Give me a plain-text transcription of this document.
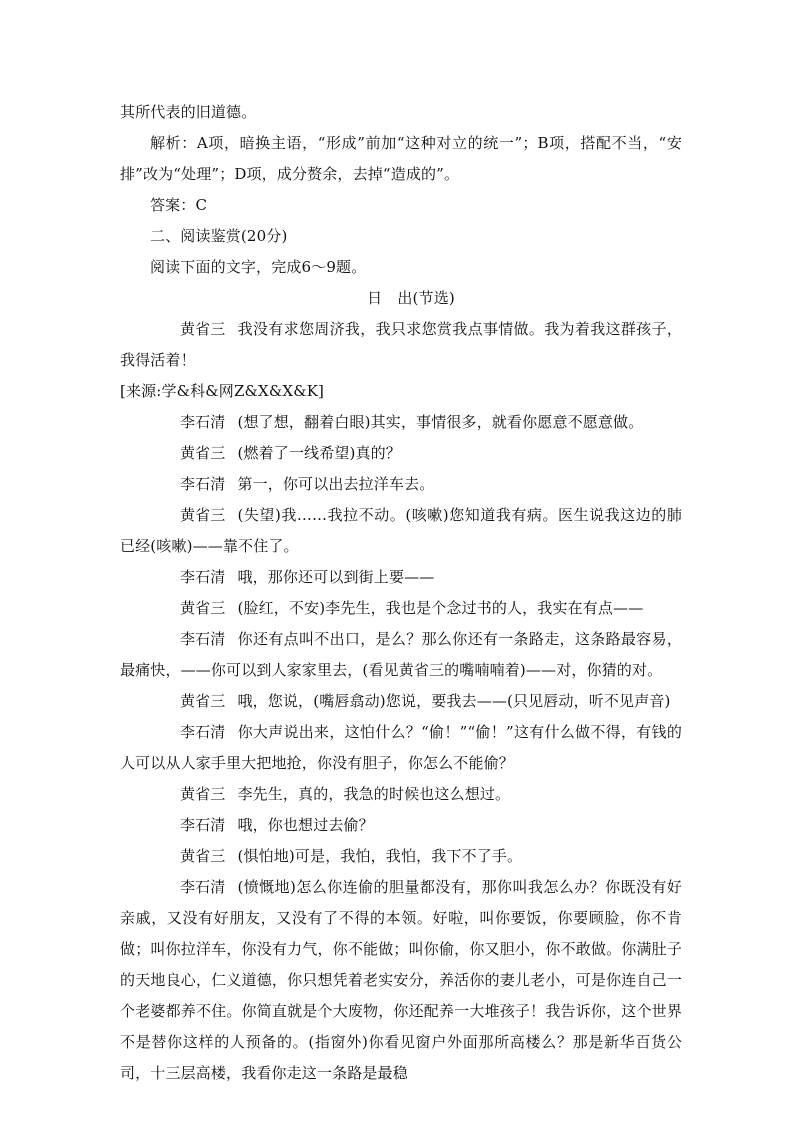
其所代表的旧道德。

解析：A项，暗换主语，“形成”前加“这种对立的统一”；B项，搭配不当，“安排”改为“处理”；D项，成分赘余，去掉“造成的”。

答案：C

二、阅读鉴赏(20分)

阅读下面的文字，完成6～9题。

日　出(节选)

黄省三 我没有求您周济我，我只求您赏我点事情做。我为着我这群孩子，我得活着！

[来源:学&科&网Z&X&X&K]

李石清 (想了想，翻着白眼)其实，事情很多，就看你愿意不愿意做。

黄省三 (燃着了一线希望)真的？

李石清 第一，你可以出去拉洋车去。

黄省三 (失望)我……我拉不动。(咳嗽)您知道我有病。医生说我这边的肺已经(咳嗽)——靠不住了。

李石清 哦，那你还可以到街上要——

黄省三 (脸红，不安)李先生，我也是个念过书的人，我实在有点——

李石清 你还有点叫不出口，是么？那么你还有一条路走，这条路最容易，最痛快，——你可以到人家家里去，(看见黄省三的嘴喃喃着)——对，你猜的对。

黄省三 哦，您说，(嘴唇翕动)您说，要我去——(只见唇动，听不见声音)

李石清 你大声说出来，这怕什么？“偷！”“偷！”这有什么做不得，有钱的人可以从人家手里大把地抢，你没有胆子，你怎么不能偷？

黄省三 李先生，真的，我急的时候也这么想过。

李石清 哦，你也想过去偷？

黄省三 (惧怕地)可是，我怕，我怕，我下不了手。

李石清 (愤慨地)怎么你连偷的胆量都没有，那你叫我怎么办？你既没有好亲戚，又没有好朋友，又没有了不得的本领。好啦，叫你要饭，你要顾脸，你不肯做；叫你拉洋车，你没有力气，你不能做；叫你偷，你又胆小，你不敢做。你满肚子的天地良心，仁义道德，你只想凭着老实安分，养活你的妻儿老小，可是你连自己一个老婆都养不住。你简直就是个大废物，你还配养一大堆孩子！我告诉你，这个世界不是替你这样的人预备的。(指窗外)你看见窗户外面那所高楼么？那是新华百货公司，十三层高楼，我看你走这一条路是最稳
